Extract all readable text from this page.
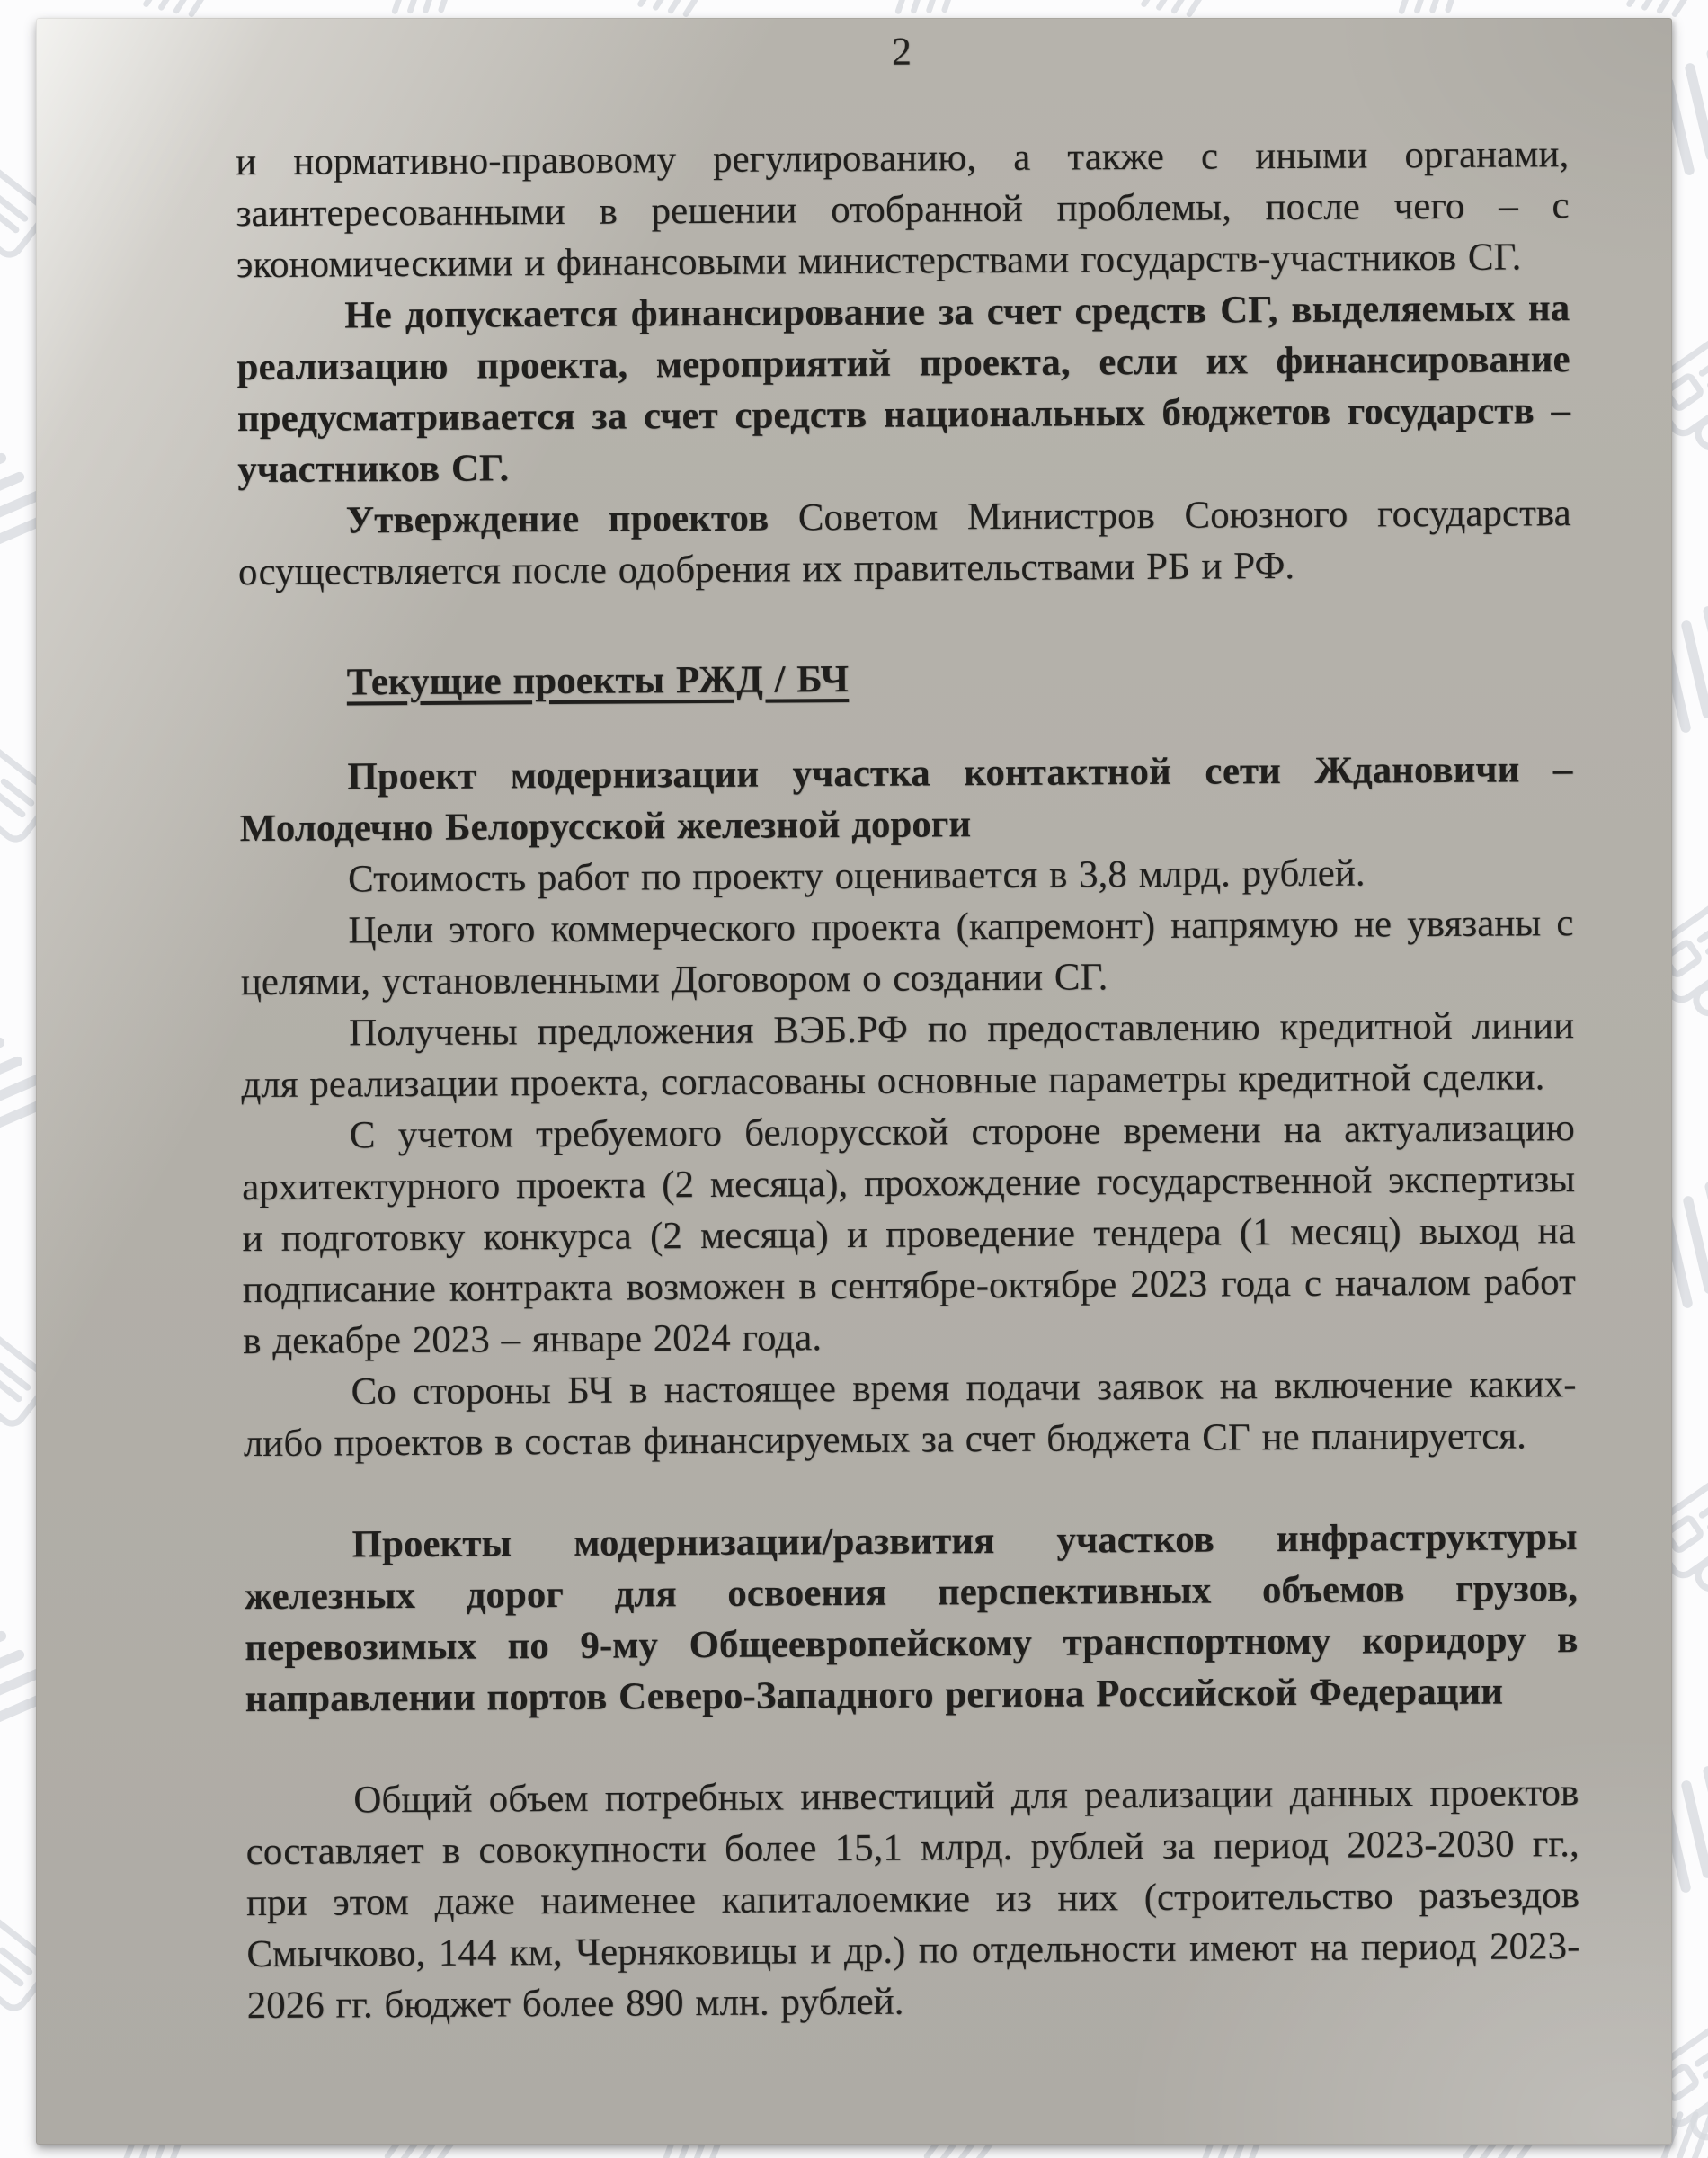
2

и нормативно-правовому регулированию, а также с иными органами, заинтересованными в решении отобранной проблемы, после чего – с экономическими и финансовыми министерствами государств-участников СГ.

Не допускается финансирование за счет средств СГ, выделяемых на реализацию проекта, мероприятий проекта, если их финансирование предусматривается за счет средств национальных бюджетов государств – участников СГ.

Утверждение проектов Советом Министров Союзного государства осуществляется после одобрения их правительствами РБ и РФ.

Текущие проекты РЖД / БЧ

Проект модернизации участка контактной сети Ждановичи – Молодечно Белорусской железной дороги

Стоимость работ по проекту оценивается в 3,8 млрд. рублей.

Цели этого коммерческого проекта (капремонт) напрямую не увязаны с целями, установленными Договором о создании СГ.

Получены предложения ВЭБ.РФ по предоставлению кредитной линии для реализации проекта, согласованы основные параметры кредитной сделки.

С учетом требуемого белорусской стороне времени на актуализацию архитектурного проекта (2 месяца), прохождение государственной экспертизы и подготовку конкурса (2 месяца) и проведение тендера (1 месяц) выход на подписание контракта возможен в сентябре-октябре 2023 года с началом работ в декабре 2023 – январе 2024 года.

Со стороны БЧ в настоящее время подачи заявок на включение каких-либо проектов в состав финансируемых за счет бюджета СГ не планируется.

Проекты модернизации/развития участков инфраструктуры железных дорог для освоения перспективных объемов грузов, перевозимых по 9-му Общеевропейскому транспортному коридору в направлении портов Северо-Западного региона Российской Федерации

Общий объем потребных инвестиций для реализации данных проектов составляет в совокупности более 15,1 млрд. рублей за период 2023-2030 гг., при этом даже наименее капиталоемкие из них (строительство разъездов Смычково, 144 км, Черняковицы и др.) по отдельности имеют на период 2023-2026 гг. бюджет более 890 млн. рублей.
